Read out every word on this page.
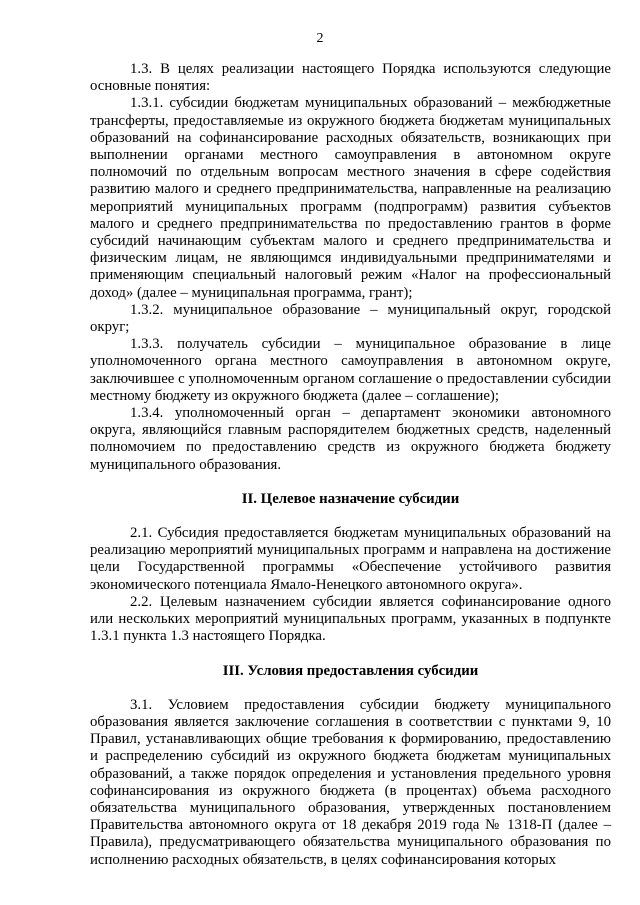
2

1.3. В целях реализации настоящего Порядка используются следующие основные понятия:

1.3.1. субсидии бюджетам муниципальных образований – межбюджетные трансферты, предоставляемые из окружного бюджета бюджетам муниципальных образований на софинансирование расходных обязательств, возникающих при выполнении органами местного самоуправления в автономном округе полномочий по отдельным вопросам местного значения в сфере содействия развитию малого и среднего предпринимательства, направленные на реализацию мероприятий муниципальных программ (подпрограмм) развития субъектов малого и среднего предпринимательства по предоставлению грантов в форме субсидий начинающим субъектам малого и среднего предпринимательства и физическим лицам, не являющимся индивидуальными предпринимателями и применяющим специальный налоговый режим «Налог на профессиональный доход» (далее – муниципальная программа, грант);

1.3.2. муниципальное образование – муниципальный округ, городской округ;

1.3.3. получатель субсидии – муниципальное образование в лице уполномоченного органа местного самоуправления в автономном округе, заключившее с уполномоченным органом соглашение о предоставлении субсидии местному бюджету из окружного бюджета (далее – соглашение);

1.3.4. уполномоченный орган – департамент экономики автономного округа, являющийся главным распорядителем бюджетных средств, наделенный полномочием по предоставлению средств из окружного бюджета бюджету муниципального образования.

II. Целевое назначение субсидии

2.1. Субсидия предоставляется бюджетам муниципальных образований на реализацию мероприятий муниципальных программ и направлена на достижение цели Государственной программы «Обеспечение устойчивого развития экономического потенциала Ямало-Ненецкого автономного округа».

2.2. Целевым назначением субсидии является софинансирование одного или нескольких мероприятий муниципальных программ, указанных в подпункте 1.3.1 пункта 1.3 настоящего Порядка.

III. Условия предоставления субсидии

3.1. Условием предоставления субсидии бюджету муниципального образования является заключение соглашения в соответствии с пунктами 9, 10 Правил, устанавливающих общие требования к формированию, предоставлению и распределению субсидий из окружного бюджета бюджетам муниципальных образований, а также порядок определения и установления предельного уровня софинансирования из окружного бюджета (в процентах) объема расходного обязательства муниципального образования, утвержденных постановлением Правительства автономного округа от 18 декабря 2019 года № 1318-П (далее – Правила), предусматривающего обязательства муниципального образования по исполнению расходных обязательств, в целях софинансирования которых
